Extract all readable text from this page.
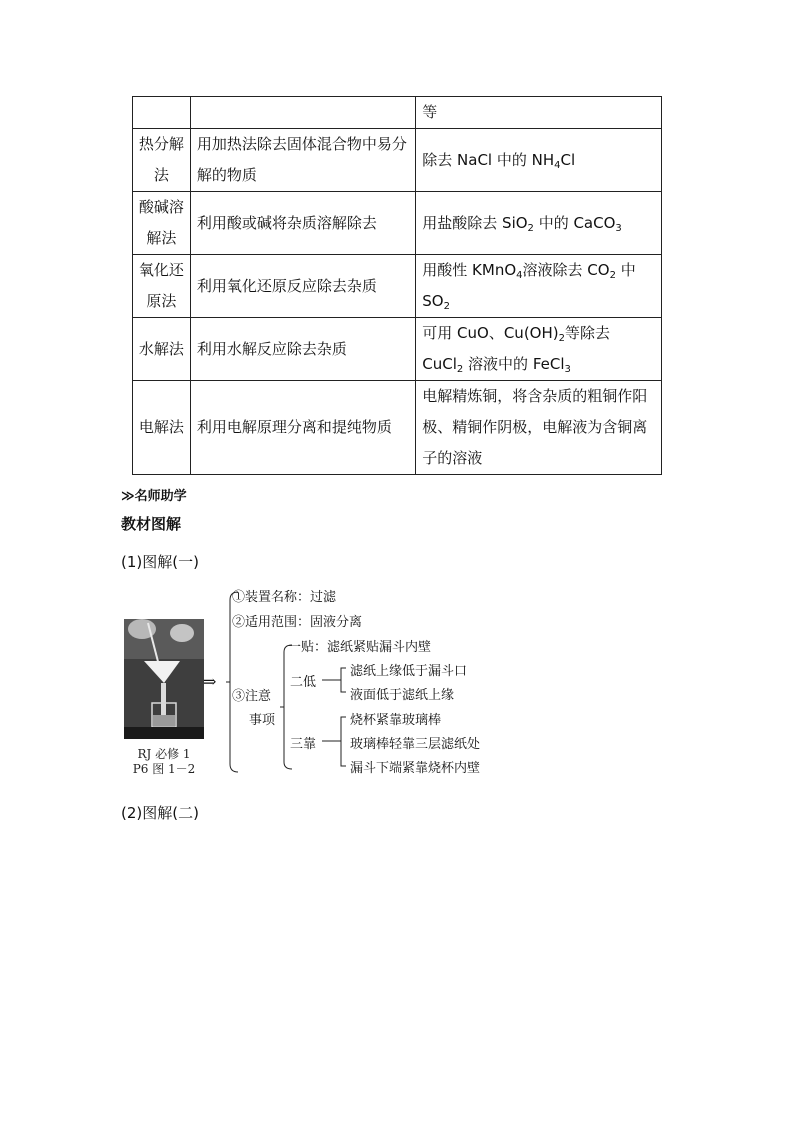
		等
热分解法	用加热法除去固体混合物中易分解的物质	除去 NaCl 中的 $NH_4Cl$
酸碱溶解法	利用酸或碱将杂质溶解除去	用盐酸除去 SiO$_2$ 中的 CaCO$_3$
氧化还原法	利用氧化还原反应除去杂质	用酸性 KMnO$_4$溶液除去 $CO_2$ 中 $SO_2$
水解法	利用水解反应除去杂质	可用 CuO、$Cu(OH)_2$等除去 CuCl$_2$ 溶液中的 FeCl$_3$
电解法	利用电解原理分离和提纯物质	电解精炼铜，将含杂质的粗铜作阳极、精铜作阴极，电解液为含铜离子的溶液
≫名师助学
教材图解
(1)图解(一)
RJ 必修 1
P6 图 1－2
⇒
①装置名称：过滤
②适用范围：固液分离
③注意
事项
一贴：滤纸紧贴漏斗内壁
二低
滤纸上缘低于漏斗口
液面低于滤纸上缘
三靠
烧杯紧靠玻璃棒
玻璃棒轻靠三层滤纸处
漏斗下端紧靠烧杯内壁
(2)图解(二)
